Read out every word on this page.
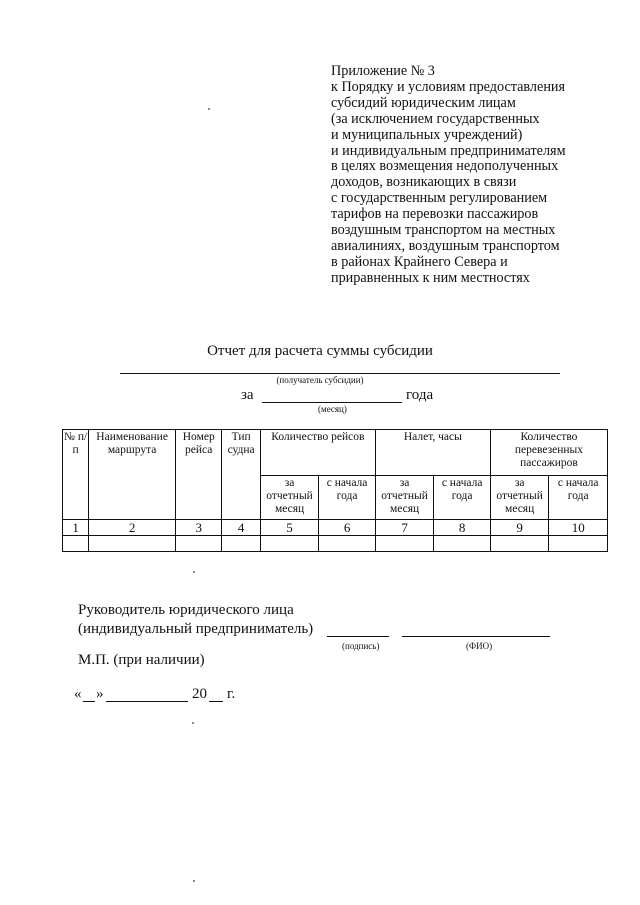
Приложение № 3
к Порядку и условиям предоставления
субсидий юридическим лицам
(за исключением государственных
и муниципальных учреждений)
и индивидуальным предпринимателям
в целях возмещения недополученных
доходов, возникающих в связи
с государственным регулированием
тарифов на перевозки пассажиров
воздушным транспортом на местных
авиалиниях, воздушным транспортом
в районах Крайнего Севера и
приравненных к ним местностях
Отчет для расчета суммы субсидии
(получатель субсидии)
за	года
(месяц)
№ п/п	Наименование маршрута	Номер рейса	Тип судна	Количество рейсов		Налет, часы		Количество перевезенных пассажиров	
				за отчетный месяц	с начала года	за отчетный месяц	с начала года	за отчетный месяц	с начала года
1	2	3	4	5	6	7	8	9	10

Руководитель юридического лица
(индивидуальный предприниматель)
(подпись)	(ФИО)
М.П. (при наличии)
« »	20 г.
